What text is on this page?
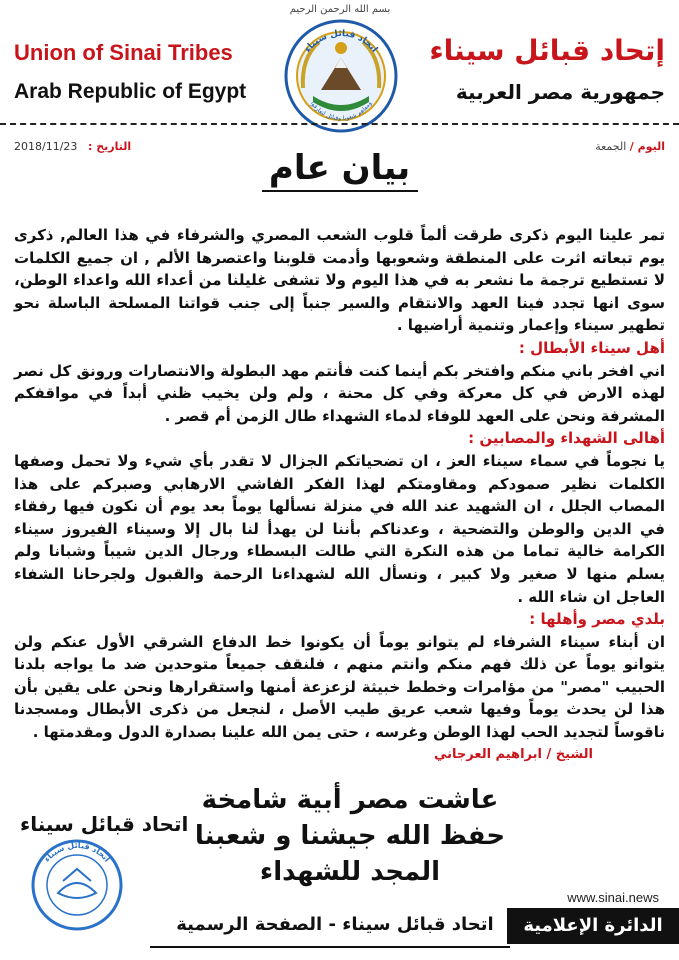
بسم الله الرحمن الرحيم
Union of Sinai Tribes
Arab Republic of Egypt
إتحاد قبائل سيناء
جمهورية مصر العربية
اتحاد قبائل سيناء
ومعاهم شعوبا وقبائل لتعارفوا
2018/11/23 التاريخ :	اليوم / الجمعة
بيان عام

تمر علينا اليوم ذكرى طرقت ألماً قلوب الشعب المصري والشرفاء في هذا العالم, ذكرى يوم تبعاته اثرت على المنطقة وشعوبها وأدمت قلوبنا واعتصرها الألم , ان جميع الكلمات لا تستطيع ترجمة ما نشعر به في هذا اليوم ولا تشفى غليلنا من أعداء الله واعداء الوطن، سوى انها تجدد فينا العهد والانتقام والسير جنباً إلى جنب قواتنا المسلحة الباسلة نحو تطهير سيناء وإعمار وتنمية أراضيها .

أهل سيناء الأبطال :

اني افخر باني منكم وافتخر بكم أينما كنت فأنتم مهد البطولة والانتصارات ورونق كل نصر لهذه الارض في كل معركة وفي كل محنة ، ولم ولن يخيب ظني أبداً في مواقفكم المشرفة ونحن على العهد للوفاء لدماء الشهداء طال الزمن أم قصر .

أهالى الشهداء والمصابين :

يا نجوماً في سماء سيناء العز ، ان تضحياتكم الجزال لا تقدر بأي شيء ولا تحمل وصفها الكلمات نظير صمودكم ومقاومتكم لهذا الفكر الفاشي الارهابي وصبركم على هذا المصاب الجلل ، ان الشهيد عند الله في منزلة نسألها يوماً بعد يوم أن نكون فيها رفقاء في الدين والوطن والتضحية ، وعدناكم بأننا لن يهدأ لنا بال إلا وسيناء الفيروز سيناء الكرامة خالية تماما من هذه النكرة التي طالت البسطاء ورجال الدين شيباً وشبانا ولم يسلم منها لا صغير ولا كبير ، ونسأل الله لشهداءنا الرحمة والقبول ولجرحانا الشفاء العاجل ان شاء الله .

بلدي مصر وأهلها :

ان أبناء سيناء الشرفاء لم يتوانو يوماً أن يكونوا خط الدفاع الشرقي الأول عنكم ولن يتوانو يوماً عن ذلك فهم منكم وانتم منهم ، فلنقف جميعاً متوحدين ضد ما يواجه بلدنا الحبيب "مصر" من مؤامرات وخطط خبيثة لزعزعة أمنها واستقرارها ونحن على يقين بأن هذا لن يحدث يوماً وفيها شعب عريق طيب الأصل ، لنجعل من ذكرى الأبطال ومسجدنا ناقوساً لتجديد الحب لهذا الوطن وغرسه ، حتى يمن الله علينا بصدارة الدول ومقدمتها .

الشيخ / ابراهيم العرجاني
عاشت مصر أبية شامخة
حفظ الله جيشنا و شعبنا
المجد للشهداء
اتحاد قبائل سيناء
اتحاد قبائل سيناء
www.sinai.news
اتحاد قبائل سيناء - الصفحة الرسمية	الدائرة الإعلامية
